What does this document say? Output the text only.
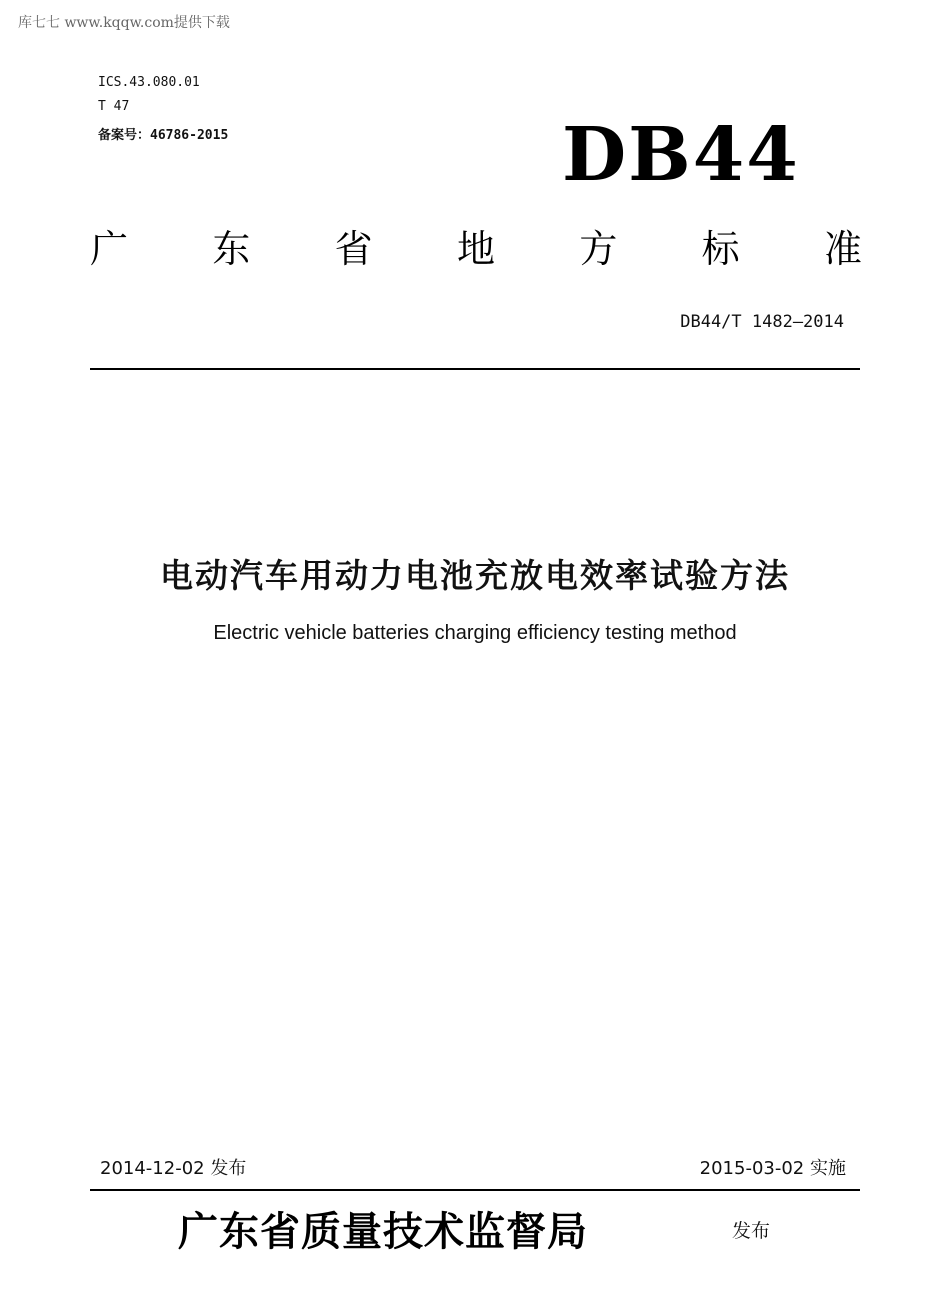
库七七 www.kqqw.com提供下载
ICS.43.080.01
T 47
备案号：46786-2015	DB44
广 东 省 地 方 标 准
DB44/T 1482—2014
电动汽车用动力电池充放电效率试验方法
Electric vehicle batteries charging efficiency testing method
2014-12-02 发布	2015-03-02 实施
广东省质量技术监督局	发布
